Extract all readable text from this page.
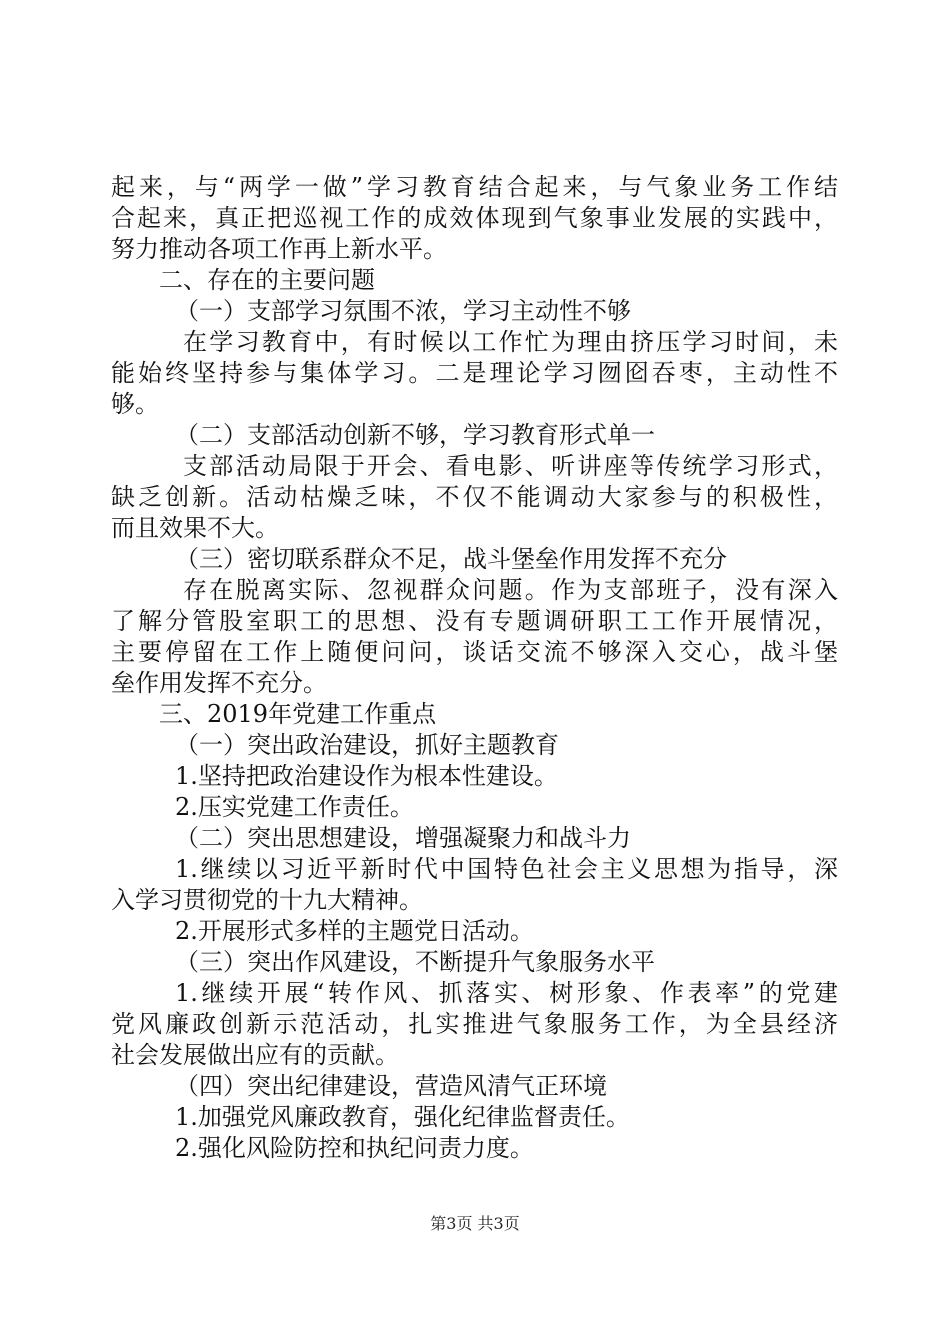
起来，与“两学一做”学习教育结合起来，与气象业务工作结
合起来，真正把巡视工作的成效体现到气象事业发展的实践中，
努力推动各项工作再上新水平。
二、存在的主要问题
（一）支部学习氛围不浓，学习主动性不够
在学习教育中，有时候以工作忙为理由挤压学习时间，未
能始终坚持参与集体学习。二是理论学习囫囵吞枣，主动性不
够。
（二）支部活动创新不够，学习教育形式单一
支部活动局限于开会、看电影、听讲座等传统学习形式，
缺乏创新。活动枯燥乏味，不仅不能调动大家参与的积极性，
而且效果不大。
（三）密切联系群众不足，战斗堡垒作用发挥不充分
存在脱离实际、忽视群众问题。作为支部班子，没有深入
了解分管股室职工的思想、没有专题调研职工工作开展情况，
主要停留在工作上随便问问，谈话交流不够深入交心，战斗堡
垒作用发挥不充分。
三、2019年党建工作重点
（一）突出政治建设，抓好主题教育
1.坚持把政治建设作为根本性建设。
2.压实党建工作责任。
（二）突出思想建设，增强凝聚力和战斗力
1.继续以习近平新时代中国特色社会主义思想为指导，深
入学习贯彻党的十九大精神。
2.开展形式多样的主题党日活动。
（三）突出作风建设，不断提升气象服务水平
1.继续开展“转作风、抓落实、树形象、作表率”的党建
党风廉政创新示范活动，扎实推进气象服务工作，为全县经济
社会发展做出应有的贡献。
（四）突出纪律建设，营造风清气正环境
1.加强党风廉政教育，强化纪律监督责任。
2.强化风险防控和执纪问责力度。
第3页 共3页
